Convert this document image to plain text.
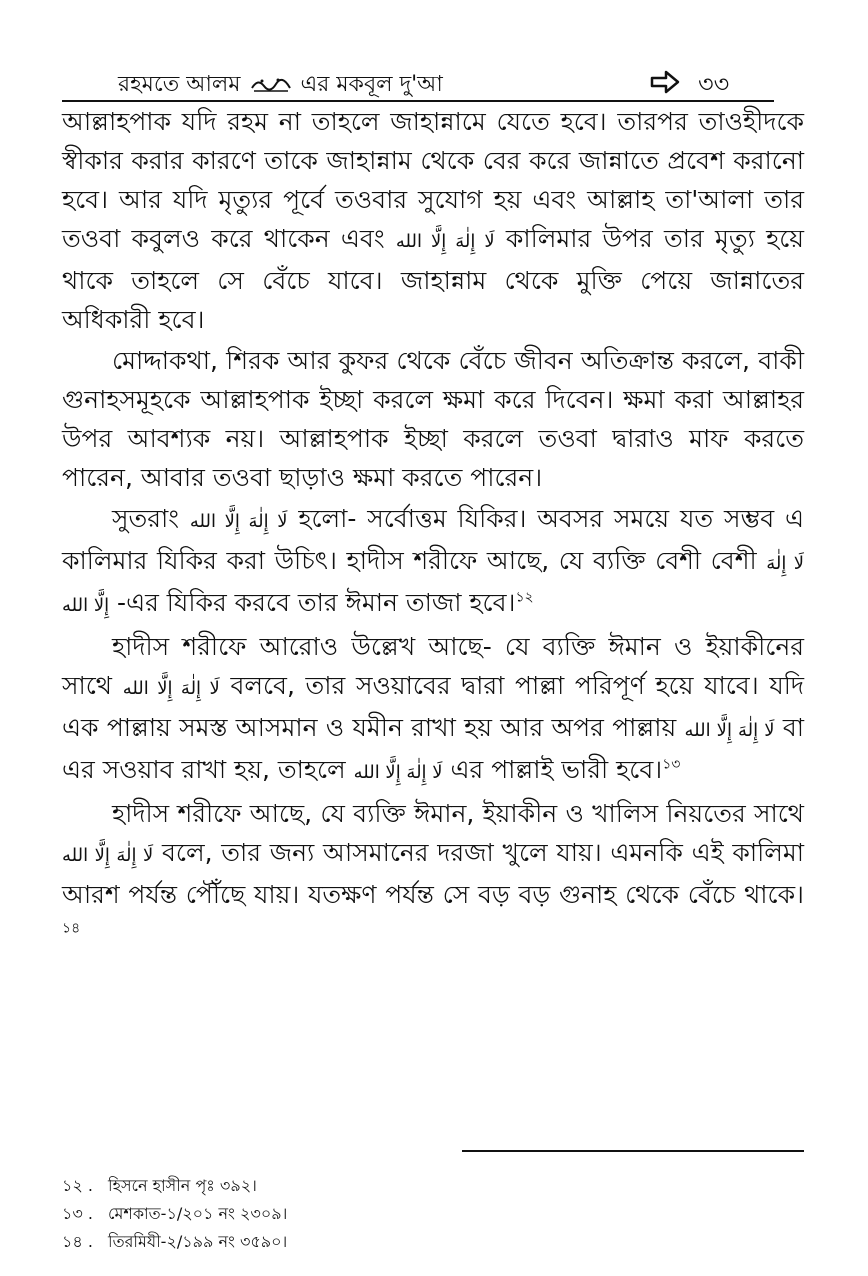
রহমতে আলম	এর মকবূল দু'আ	৩৩

আল্লাহপাক যদি রহম না তাহলে জাহান্নামে যেতে হবে। তারপর তাওহীদকে স্বীকার করার কারণে তাকে জাহান্নাম থেকে বের করে জান্নাতে প্রবেশ করানো হবে। আর যদি মৃত্যুর পূর্বে তওবার সুযোগ হয় এবং আল্লাহ তা'আলা তার তওবা কবুলও করে থাকেন এবং لَا إِلٰهَ إِلَّا الله কালিমার উপর তার মৃত্যু হয়ে থাকে তাহলে সে বেঁচে যাবে। জাহান্নাম থেকে মুক্তি পেয়ে জান্নাতের অধিকারী হবে।

মোদ্দাকথা, শিরক আর কুফর থেকে বেঁচে জীবন অতিক্রান্ত করলে, বাকী গুনাহসমূহকে আল্লাহপাক ইচ্ছা করলে ক্ষমা করে দিবেন। ক্ষমা করা আল্লাহর উপর আবশ্যক নয়। আল্লাহপাক ইচ্ছা করলে তওবা দ্বারাও মাফ করতে পারেন, আবার তওবা ছাড়াও ক্ষমা করতে পারেন।

সুতরাং لَا إِلٰهَ إِلَّا الله হলো- সর্বোত্তম যিকির। অবসর সময়ে যত সম্ভব এ কালিমার যিকির করা উচিৎ। হাদীস শরীফে আছে, যে ব্যক্তি বেশী বেশী لَا إِلٰهَ إِلَّا الله -এর যিকির করবে তার ঈমান তাজা হবে।$^{১২}$

হাদীস শরীফে আরোও উল্লেখ আছে- যে ব্যক্তি ঈমান ও ইয়াকীনের সাথে لَا إِلٰهَ إِلَّا الله বলবে, তার সওয়াবের দ্বারা পাল্লা পরিপূর্ণ হয়ে যাবে। যদি এক পাল্লায় সমস্ত আসমান ও যমীন রাখা হয় আর অপর পাল্লায় لَا إِلٰهَ إِلَّا الله বা এর সওয়াব রাখা হয়, তাহলে لَا إِلٰهَ إِلَّا الله এর পাল্লাই ভারী হবে।$^{১৩}$

হাদীস শরীফে আছে, যে ব্যক্তি ঈমান, ইয়াকীন ও খালিস নিয়তের সাথে لَا إِلٰهَ إِلَّا الله বলে, তার জন্য আসমানের দরজা খুলে যায়। এমনকি এই কালিমা আরশ পর্যন্ত পৌঁছে যায়। যতক্ষণ পর্যন্ত সে বড় বড় গুনাহ থেকে বেঁচে থাকে।$^{১৪}$

১২ . হিসনে হাসীন পৃঃ ৩৯২।

১৩ . মেশকাত-১/২০১ নং ২৩০৯।

১৪ . তিরমিযী-২/১৯৯ নং ৩৫৯০।
